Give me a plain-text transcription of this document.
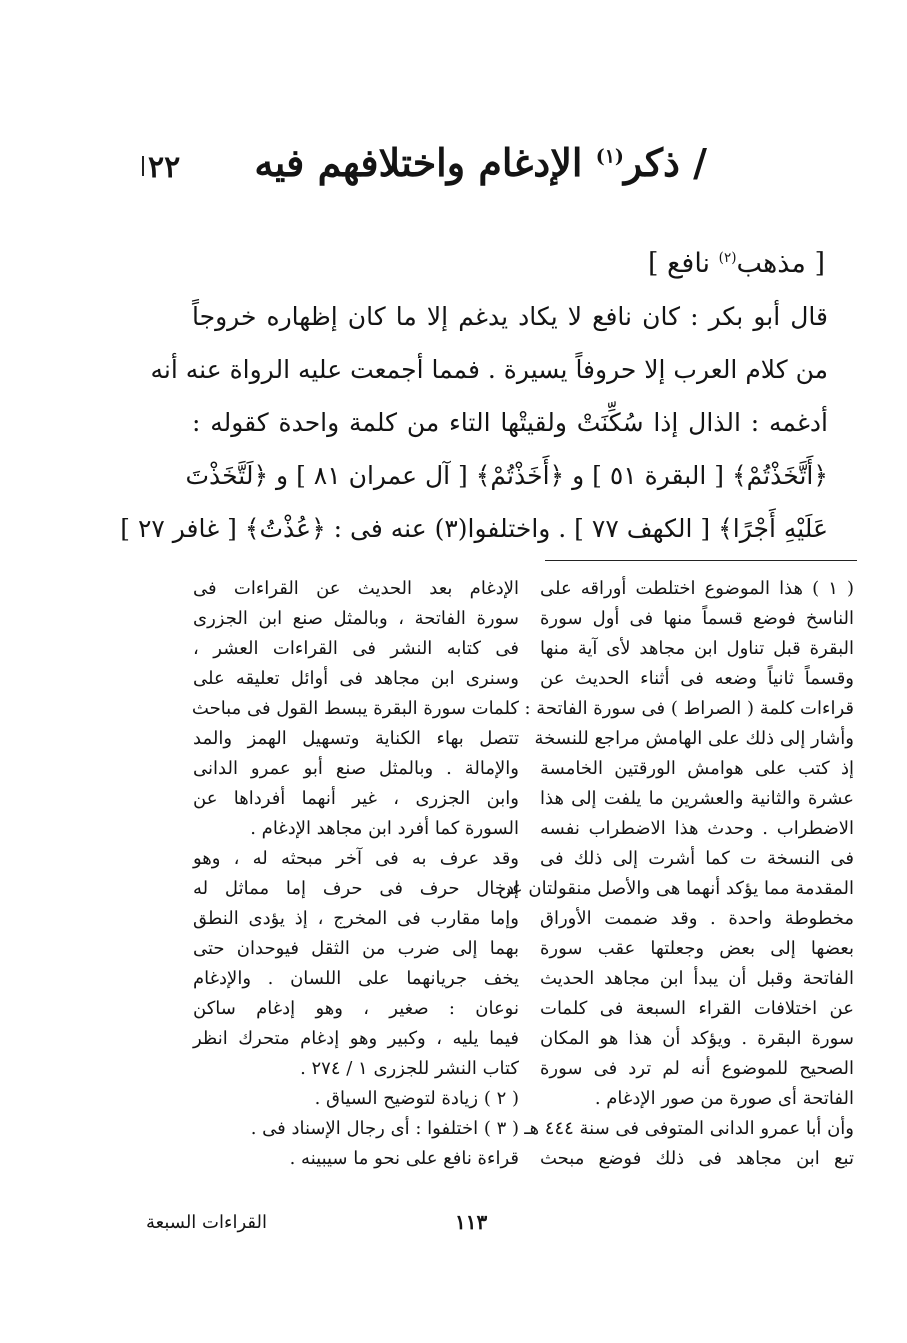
٢٢	/ ذكر$^{(١)}$ الإدغام واختلافهم فيه
[ مذهب$^{(٢)}$ نافع ]
قال أبو بكر : كان نافع لا يكاد يدغم إلا ما كان إظهاره خروجاً
من كلام العرب إلا حروفاً يسيرة . فمما أجمعت عليه الرواة عنه أنه
أدغمه : الذال إذا سُكِّنَتْ ولقيتْها التاء من كلمة واحدة كقوله :
﴿أَتَّخَذْتُمْ﴾ [ البقرة ٥١ ] و ﴿أَخَذْتُمْ﴾ [ آل عمران ٨١ ] و ﴿لَتَّخَذْتَ
عَلَيْهِ أَجْرًا﴾ [ الكهف ٧٧ ] . واختلفوا(٣) عنه فى : ﴿عُذْتُ﴾ [ غافر ٢٧ ]
( ١ ) هذا الموضوع اختلطت أوراقه على
الناسخ فوضع قسماً منها فى أول سورة
البقرة قبل تناول ابن مجاهد لأى آية منها
وقسماً ثانياً وضعه فى أثناء الحديث عن
قراءات كلمة ( الصراط ) فى سورة الفاتحة :
وأشار إلى ذلك على الهامش مراجع للنسخة
إذ كتب على هوامش الورقتين الخامسة
عشرة والثانية والعشرين ما يلفت إلى هذا
الاضطراب . وحدث هذا الاضطراب نفسه
فى النسخة ت كما أشرت إلى ذلك فى
المقدمة مما يؤكد أنهما هى والأصل منقولتان عن
مخطوطة واحدة . وقد ضممت الأوراق
بعضها إلى بعض وجعلتها عقب سورة
الفاتحة وقبل أن يبدأ ابن مجاهد الحديث
عن اختلافات القراء السبعة فى كلمات
سورة البقرة . ويؤكد أن هذا هو المكان
الصحيح للموضوع أنه لم ترد فى سورة
الفاتحة أى صورة من صور الإدغام .
وأن أبا عمرو الدانى المتوفى فى سنة ٤٤٤ هـ
تبع ابن مجاهد فى ذلك فوضع مبحث
الإدغام بعد الحديث عن القراءات فى
سورة الفاتحة ، وبالمثل صنع ابن الجزرى
فى كتابه النشر فى القراءات العشر ،
وسنرى ابن مجاهد فى أوائل تعليقه على
كلمات سورة البقرة يبسط القول فى مباحث
تتصل بهاء الكناية وتسهيل الهمز والمد
والإمالة . وبالمثل صنع أبو عمرو الدانى
وابن الجزرى ، غير أنهما أفرداها عن
السورة كما أفرد ابن مجاهد الإدغام .
وقد عرف به فى آخر مبحثه له ، وهو
إدخال حرف فى حرف إما مماثل له
وإما مقارب فى المخرج ، إذ يؤدى النطق
بهما إلى ضرب من الثقل فيوحدان حتى
يخف جريانهما على اللسان . والإدغام
نوعان : صغير ، وهو إدغام ساكن
فيما يليه ، وكبير وهو إدغام متحرك انظر
كتاب النشر للجزرى ١ / ٢٧٤ .
( ٢ ) زيادة لتوضيح السياق .
( ٣ ) اختلفوا : أى رجال الإسناد فى .
قراءة نافع على نحو ما سيبينه .
١١٣
القراءات السبعة
